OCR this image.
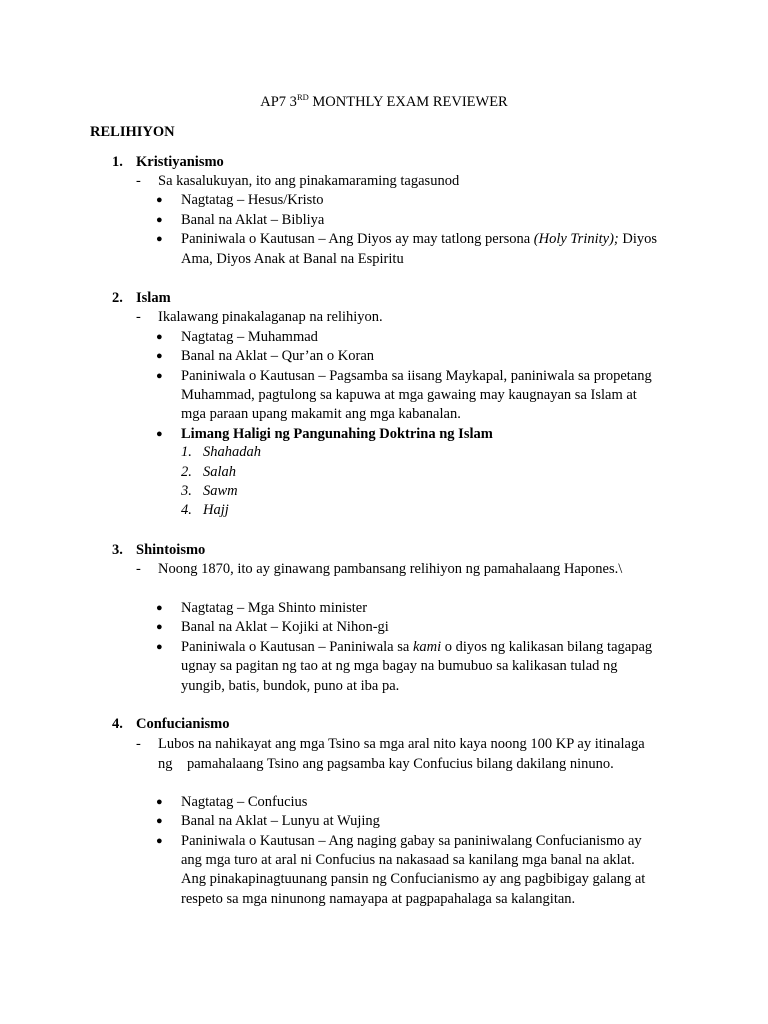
AP7 3RD MONTHLY EXAM REVIEWER
RELIHIYON
1. Kristiyanismo
- Sa kasalukuyan, ito ang pinakamaraming tagasunod
● Nagtatag – Hesus/Kristo
● Banal na Aklat – Bibliya
● Paniniwala o Kautusan – Ang Diyos ay may tatlong persona (Holy Trinity); Diyos
Ama, Diyos Anak at Banal na Espiritu
2. Islam
- Ikalawang pinakalaganap na relihiyon.
● Nagtatag – Muhammad
● Banal na Aklat – Qur’an o Koran
● Paniniwala o Kautusan – Pagsamba sa iisang Maykapal, paniniwala sa propetang
Muhammad, pagtulong sa kapuwa at mga gawaing may kaugnayan sa Islam at
mga paraan upang makamit ang mga kabanalan.
● Limang Haligi ng Pangunahing Doktrina ng Islam
1. Shahadah
2. Salah
3. Sawm
4. Hajj
3. Shintoismo
- Noong 1870, ito ay ginawang pambansang relihiyon ng pamahalaang Hapones.\
● Nagtatag – Mga Shinto minister
● Banal na Aklat – Kojiki at Nihon-gi
● Paniniwala o Kautusan – Paniniwala sa kami o diyos ng kalikasan bilang tagapag
ugnay sa pagitan ng tao at ng mga bagay na bumubuo sa kalikasan tulad ng
yungib, batis, bundok, puno at iba pa.
4. Confucianismo
- Lubos na nahikayat ang mga Tsino sa mga aral nito kaya noong 100 KP ay itinalaga
ng    pamahalaang Tsino ang pagsamba kay Confucius bilang dakilang ninuno.
● Nagtatag – Confucius
● Banal na Aklat – Lunyu at Wujing
● Paniniwala o Kautusan – Ang naging gabay sa paniniwalang Confucianismo ay
ang mga turo at aral ni Confucius na nakasaad sa kanilang mga banal na aklat.
Ang pinakapinagtuunang pansin ng Confucianismo ay ang pagbibigay galang at
respeto sa mga ninunong namayapa at pagpapahalaga sa kalangitan.
